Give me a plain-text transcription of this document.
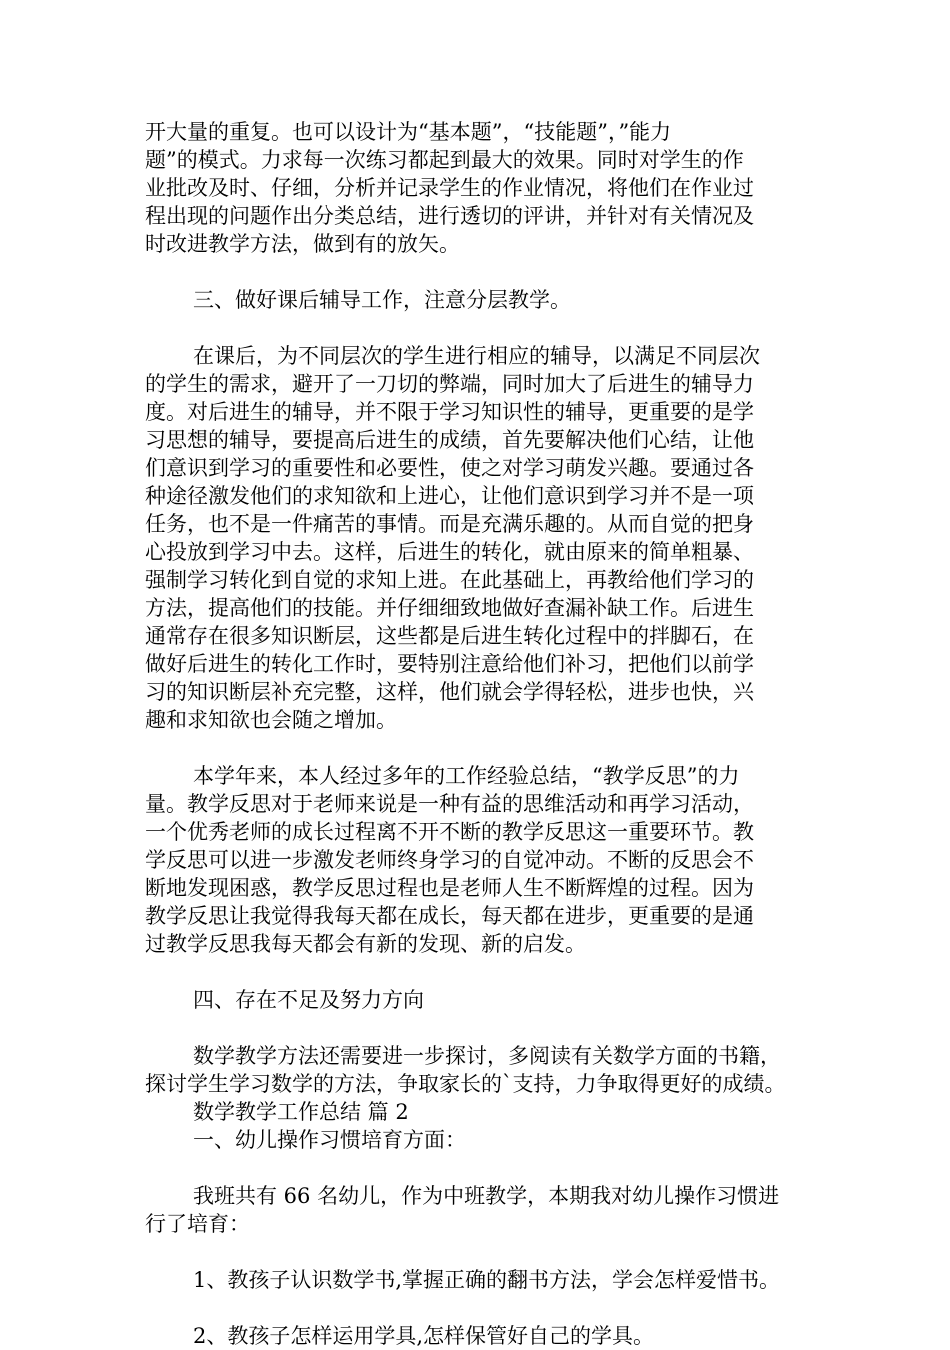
开大量的重复。也可以设计为“基本题”，“技能题”，”能力
题”的模式。力求每一次练习都起到最大的效果。同时对学生的作
业批改及时、仔细，分析并记录学生的作业情况，将他们在作业过
程出现的问题作出分类总结，进行透切的评讲，并针对有关情况及
时改进教学方法，做到有的放矢。

三、做好课后辅导工作，注意分层教学。

在课后，为不同层次的学生进行相应的辅导，以满足不同层次
的学生的需求，避开了一刀切的弊端，同时加大了后进生的辅导力
度。对后进生的辅导，并不限于学习知识性的辅导，更重要的是学
习思想的辅导，要提高后进生的成绩，首先要解决他们心结，让他
们意识到学习的重要性和必要性，使之对学习萌发兴趣。要通过各
种途径激发他们的求知欲和上进心，让他们意识到学习并不是一项
任务，也不是一件痛苦的事情。而是充满乐趣的。从而自觉的把身
心投放到学习中去。这样，后进生的转化，就由原来的简单粗暴、
强制学习转化到自觉的求知上进。在此基础上，再教给他们学习的
方法，提高他们的技能。并仔细细致地做好查漏补缺工作。后进生
通常存在很多知识断层，这些都是后进生转化过程中的拌脚石，在
做好后进生的转化工作时，要特别注意给他们补习，把他们以前学
习的知识断层补充完整，这样，他们就会学得轻松，进步也快，兴
趣和求知欲也会随之增加。

本学年来，本人经过多年的工作经验总结，“教学反思”的力
量。教学反思对于老师来说是一种有益的思维活动和再学习活动，
一个优秀老师的成长过程离不开不断的教学反思这一重要环节。教
学反思可以进一步激发老师终身学习的自觉冲动。不断的反思会不
断地发现困惑，教学反思过程也是老师人生不断辉煌的过程。因为
教学反思让我觉得我每天都在成长，每天都在进步，更重要的是通
过教学反思我每天都会有新的发现、新的启发。

四、存在不足及努力方向

数学教学方法还需要进一步探讨，多阅读有关数学方面的书籍，
探讨学生学习数学的方法，争取家长的`支持，力争取得更好的成绩。

数学教学工作总结 篇 2

一、幼儿操作习惯培育方面：

我班共有 66 名幼儿，作为中班教学，本期我对幼儿操作习惯进
行了培育：

1、教孩子认识数学书,掌握正确的翻书方法，学会怎样爱惜书。

2、教孩子怎样运用学具,怎样保管好自己的学具。
